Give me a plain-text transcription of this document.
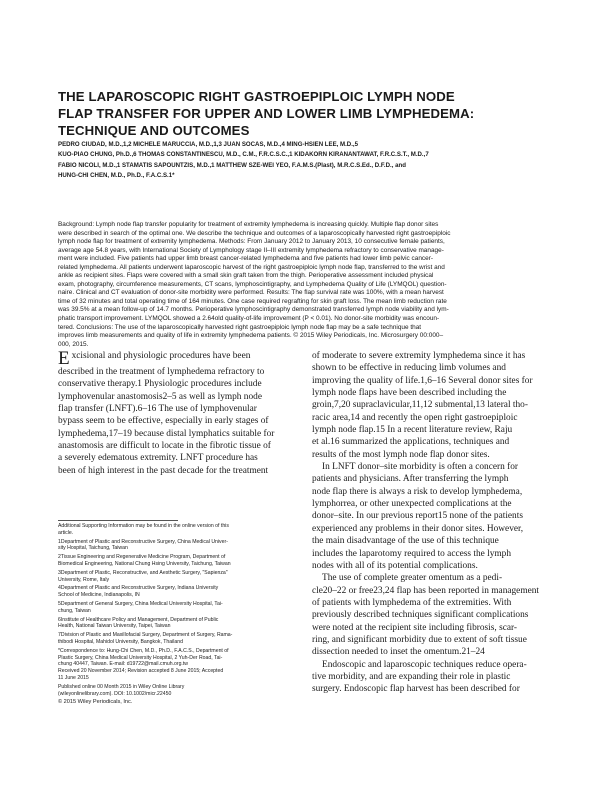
THE LAPAROSCOPIC RIGHT GASTROEPIPLOIC LYMPH NODE
FLAP TRANSFER FOR UPPER AND LOWER LIMB LYMPHEDEMA:
TECHNIQUE AND OUTCOMES
PEDRO CIUDAD, M.D.,1,2 MICHELE MARUCCIA, M.D.,1,3 JUAN SOCAS, M.D.,4 MING-HSIEN LEE, M.D.,5
KUO-PIAO CHUNG, Ph.D.,6 THOMAS CONSTANTINESCU, M.D., C.M., F.R.C.S.C.,1 KIDAKORN KIRANANTAWAT, F.R.C.S.T., M.D.,7
FABIO NICOLI, M.D.,1 STAMATIS SAPOUNTZIS, M.D.,1 MATTHEW SZE-WEI YEO, F.A.M.S.(Plast), M.R.C.S.Ed., D.F.D., and
HUNG-CHI CHEN, M.D., Ph.D., F.A.C.S.1*
Background: Lymph node flap transfer popularity for treatment of extremity lymphedema is increasing quickly. Multiple flap donor sites
were described in search of the optimal one. We describe the technique and outcomes of a laparoscopically harvested right gastroepiploic
lymph node flap for treatment of extremity lymphedema. Methods: From January 2012 to January 2013, 10 consecutive female patients,
average age 54.8 years, with International Society of Lymphology stage II–III extremity lymphedema refractory to conservative manage-
ment were included. Five patients had upper limb breast cancer-related lymphedema and five patients had lower limb pelvic cancer-
related lymphedema. All patients underwent laparoscopic harvest of the right gastroepiploic lymph node flap, transferred to the wrist and
ankle as recipient sites. Flaps were covered with a small skin graft taken from the thigh. Perioperative assessment included physical
exam, photography, circumference measurements, CT scans, lymphoscintigraphy, and Lymphedema Quality of Life (LYMQOL) question-
naire. Clinical and CT evaluation of donor-site morbidity were performed. Results: The flap survival rate was 100%, with a mean harvest
time of 32 minutes and total operating time of 164 minutes. One case required regrafting for skin graft loss. The mean limb reduction rate
was 39.5% at a mean follow-up of 14.7 months. Perioperative lymphoscintigraphy demonstrated transferred lymph node viability and lym-
phatic transport improvement. LYMQOL showed a 2.64old quality-of-life improvement (P < 0.01). No donor-site morbidity was encoun-
tered. Conclusions: The use of the laparoscopically harvested right gastroepiploic lymph node flap may be a safe technique that
improves limb measurements and quality of life in extremity lymphedema patients. © 2015 Wiley Periodicals, Inc. Microsurgery 00:000–
000, 2015.
E xcisional and physiologic procedures have been
described in the treatment of lymphedema refractory to
conservative therapy.1 Physiologic procedures include
lymphovenular anastomosis2–5 as well as lymph node
flap transfer (LNFT).6–16 The use of lymphovenular
bypass seem to be effective, especially in early stages of
lymphedema,17–19 because distal lymphatics suitable for
anastomosis are difficult to locate in the fibrotic tissue of
a severely edematous extremity. LNFT procedure has
been of high interest in the past decade for the treatment
of moderate to severe extremity lymphedema since it has
shown to be effective in reducing limb volumes and
improving the quality of life.1,6–16 Several donor sites for
lymph node flaps have been described including the
groin,7,20 supraclavicular,11,12 submental,13 lateral tho-
racic area,14 and recently the open right gastroepiploic
lymph node flap.15 In a recent literature review, Raju
et al.16 summarized the applications, techniques and
results of the most lymph node flap donor sites.
In LNFT donor–site morbidity is often a concern for
patients and physicians. After transferring the lymph
node flap there is always a risk to develop lymphedema,
lymphorrea, or other unexpected complications at the
donor–site. In our previous report15 none of the patients
experienced any problems in their donor sites. However,
the main disadvantage of the use of this technique
includes the laparotomy required to access the lymph
nodes with all of its potential complications.
The use of complete greater omentum as a pedi-
cle20–22 or free23,24 flap has been reported in management
of patients with lymphedema of the extremities. With
previously described techniques significant complications
were noted at the recipient site including fibrosis, scar-
ring, and significant morbidity due to extent of soft tissue
dissection needed to inset the omentum.21–24
Endoscopic and laparoscopic techniques reduce opera-
tive morbidity, and are expanding their role in plastic
surgery. Endoscopic flap harvest has been described for
Additional Supporting Information may be found in the online version of this
article.
1Department of Plastic and Reconstructive Surgery, China Medical Univer-
sity Hospital, Taichung, Taiwan
2Tissue Engineering and Regenerative Medicine Program, Department of
Biomedical Engineering, National Chung Hsing University, Taichung, Taiwan
3Department of Plastic, Reconstructive, and Aesthetic Surgery, "Sapienza"
University, Rome, Italy
4Department of Plastic and Reconstructive Surgery, Indiana University
School of Medicine, Indianapolis, IN
5Department of General Surgery, China Medical University Hospital, Tai-
chung, Taiwan
6Institute of Healthcare Policy and Management, Department of Public
Health, National Taiwan University, Taipei, Taiwan
7Division of Plastic and Maxillofacial Surgery, Department of Surgery, Rama-
thibodi Hospital, Mahidol University, Bangkok, Thailand
*Correspondence to: Hung-Chi Chen, M.D., Ph.D., F.A.C.S., Department of
Plastic Surgery, China Medical University Hospital, 2 Yuh-Der Road, Tai-
chung 40447, Taiwan. E-mail: d19722@mail.cmuh.org.tw
Received 20 November 2014; Revision accepted 8 June 2015; Accepted
11 June 2015
Published online 00 Month 2015 in Wiley Online Library
(wileyonlinelibrary.com). DOI: 10.1002/micr.22450
© 2015 Wiley Periodicals, Inc.
